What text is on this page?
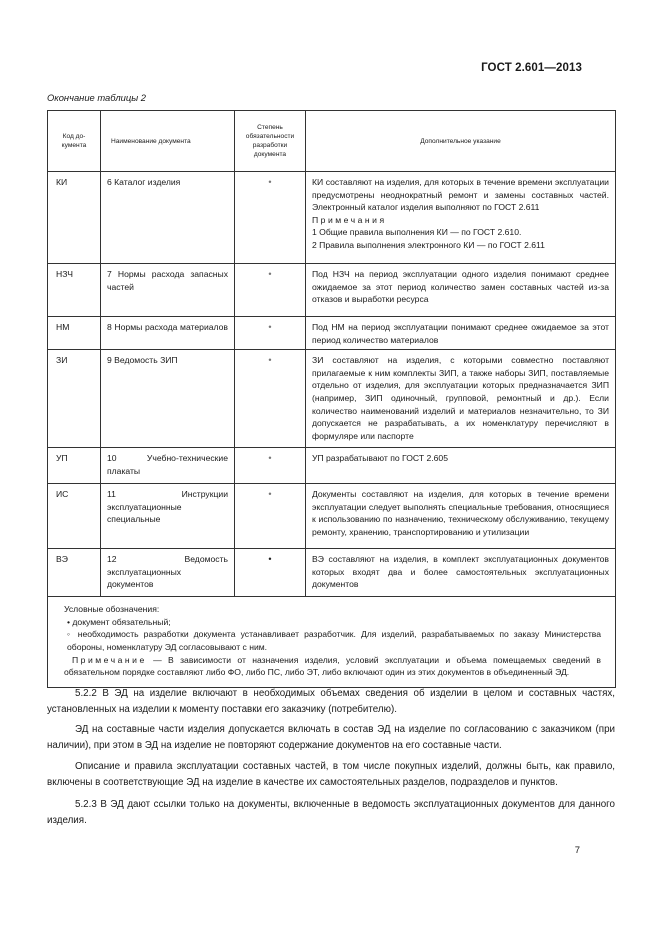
ГОСТ 2.601—2013
Окончание таблицы 2
Код до-кумента	Наименование документа	Степень обязательности разработки документа	Дополнительное указание
КИ	6 Каталог изделия	•	КИ составляют на изделия, для которых в течение времени эксплуатации предусмотрены неоднократный ремонт и замены составных частей. Электронный каталог изделия выполняют по ГОСТ 2.611
Примечания
1 Общие правила выполнения КИ — по ГОСТ 2.610.
2 Правила выполнения электронного КИ — по ГОСТ 2.611

НЗЧ	7 Нормы расхода запасных частей	•	Под НЗЧ на период эксплуатации одного изделия понимают среднее ожидаемое за этот период количество замен составных частей из-за отказов и выработки ресурса
НМ	8 Нормы расхода материалов	•	Под НМ на период эксплуатации понимают среднее ожидаемое за этот период количество материалов
ЗИ	9 Ведомость ЗИП	•	ЗИ составляют на изделия, с которыми совместно поставляют прилагаемые к ним комплекты ЗИП, а также наборы ЗИП, поставляемые отдельно от изделия, для эксплуатации которых предназначается ЗИП (например, ЗИП одиночный, групповой, ремонтный и др.). Если количество наименований изделий и материалов незначительно, то ЗИ допускается не разрабатывать, а их номенклатуру перечисляют в формуляре или паспорте
УП	10 Учебно-технические плакаты	•	УП разрабатывают по ГОСТ 2.605
ИС	11 Инструкции эксплуатационные специальные	•	Документы составляют на изделия, для которых в течение времени эксплуатации следует выполнять специальные требования, относящиеся к использованию по назначению, техническому обслуживанию, текущему ремонту, хранению, транспортированию и утилизации
ВЭ	12 Ведомость эксплуатационных документов	•	ВЭ составляют на изделия, в комплект эксплуатационных документов которых входят два и более самостоятельных эксплуатационных документов

Условные обозначения:
• документ обязательный;
◦ необходимость разработки документа устанавливает разработчик. Для изделий, разрабатываемых по заказу Министерства обороны, номенклатуру ЭД согласовывают с ним.
Примечание — В зависимости от назначения изделия, условий эксплуатации и объема помещаемых сведений в обязательном порядке составляют либо ФО, либо ПС, либо ЭТ, либо включают один из этих документов в объединенный ЭД.			
5.2.2 В ЭД на изделие включают в необходимых объемах сведения об изделии в целом и составных частях, установленных на изделии к моменту поставки его заказчику (потребителю).
ЭД на составные части изделия допускается включать в состав ЭД на изделие по согласованию с заказчиком (при наличии), при этом в ЭД на изделие не повторяют содержание документов на его составные части.
Описание и правила эксплуатации составных частей, в том числе покупных изделий, должны быть, как правило, включены в соответствующие ЭД на изделие в качестве их самостоятельных разделов, подразделов и пунктов.
5.2.3 В ЭД дают ссылки только на документы, включенные в ведомость эксплуатационных документов для данного изделия.
7
